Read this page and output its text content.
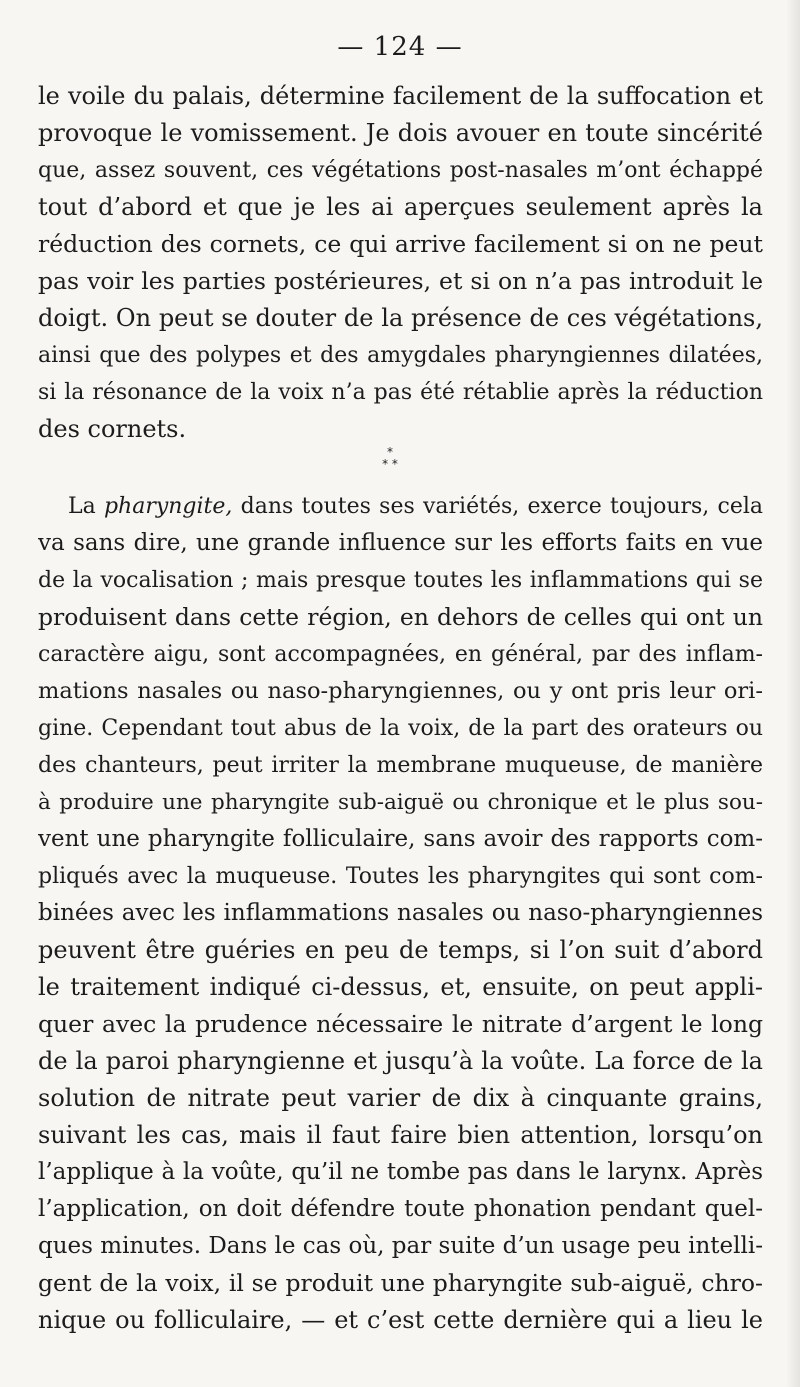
— 124 —
le voile du palais, détermine facilement de la suffocation et
provoque le vomissement. Je dois avouer en toute sincérité
que, assez souvent, ces végétations post-nasales m’ont échappé
tout d’abord et que je les ai aperçues seulement après la
réduction des cornets, ce qui arrive facilement si on ne peut
pas voir les parties postérieures, et si on n’a pas introduit le
doigt. On peut se douter de la présence de ces végétations,
ainsi que des polypes et des amygdales pharyngiennes dilatées,
si la résonance de la voix n’a pas été rétablie après la réduction
des cornets.
*
* *
La pharyngite, dans toutes ses variétés, exerce toujours, cela
va sans dire, une grande influence sur les efforts faits en vue
de la vocalisation ; mais presque toutes les inflammations qui se
produisent dans cette région, en dehors de celles qui ont un
caractère aigu, sont accompagnées, en général, par des inflam-
mations nasales ou naso-pharyngiennes, ou y ont pris leur ori-
gine. Cependant tout abus de la voix, de la part des orateurs ou
des chanteurs, peut irriter la membrane muqueuse, de manière
à produire une pharyngite sub-aiguë ou chronique et le plus sou-
vent une pharyngite folliculaire, sans avoir des rapports com-
pliqués avec la muqueuse. Toutes les pharyngites qui sont com-
binées avec les inflammations nasales ou naso-pharyngiennes
peuvent être guéries en peu de temps, si l’on suit d’abord
le traitement indiqué ci-dessus, et, ensuite, on peut appli-
quer avec la prudence nécessaire le nitrate d’argent le long
de la paroi pharyngienne et jusqu’à la voûte. La force de la
solution de nitrate peut varier de dix à cinquante grains,
suivant les cas, mais il faut faire bien attention, lorsqu’on
l’applique à la voûte, qu’il ne tombe pas dans le larynx. Après
l’application, on doit défendre toute phonation pendant quel-
ques minutes. Dans le cas où, par suite d’un usage peu intelli-
gent de la voix, il se produit une pharyngite sub-aiguë, chro-
nique ou folliculaire, — et c’est cette dernière qui a lieu le
